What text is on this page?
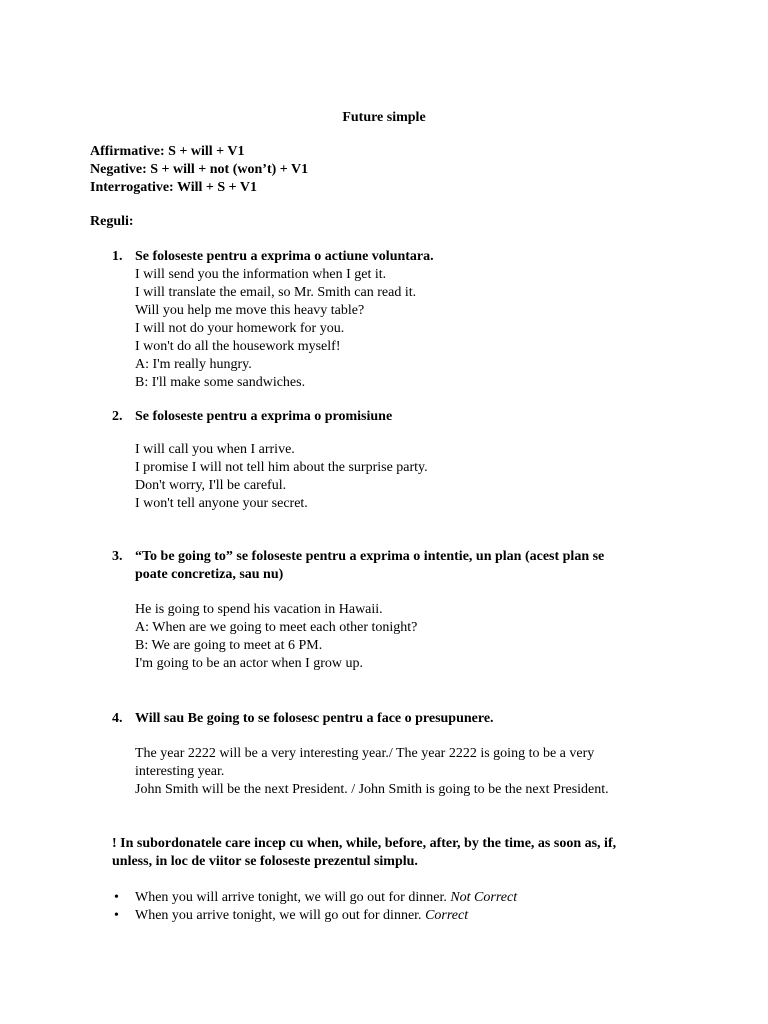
Future simple
Affirmative: S + will + V1
Negative: S + will + not (won’t) + V1
Interrogative: Will + S + V1
Reguli:
1. Se foloseste pentru a exprima o actiune voluntara.
I will send you the information when I get it.
I will translate the email, so Mr. Smith can read it.
Will you help me move this heavy table?
I will not do your homework for you.
I won't do all the housework myself!
A: I'm really hungry.
B: I'll make some sandwiches.
2. Se foloseste pentru a exprima o promisiune
I will call you when I arrive.
I promise I will not tell him about the surprise party.
Don't worry, I'll be careful.
I won't tell anyone your secret.
3. “To be going to” se foloseste pentru a exprima o intentie, un plan (acest plan se
poate concretiza, sau nu)
He is going to spend his vacation in Hawaii.
A: When are we going to meet each other tonight?
B: We are going to meet at 6 PM.
I'm going to be an actor when I grow up.
4. Will sau Be going to se folosesc pentru a face o presupunere.
The year 2222 will be a very interesting year./ The year 2222 is going to be a very
interesting year.
John Smith will be the next President. / John Smith is going to be the next President.
! In subordonatele care incep cu when, while, before, after, by the time, as soon as, if,
unless, in loc de viitor se foloseste prezentul simplu.
• When you will arrive tonight, we will go out for dinner. Not Correct
• When you arrive tonight, we will go out for dinner. Correct
